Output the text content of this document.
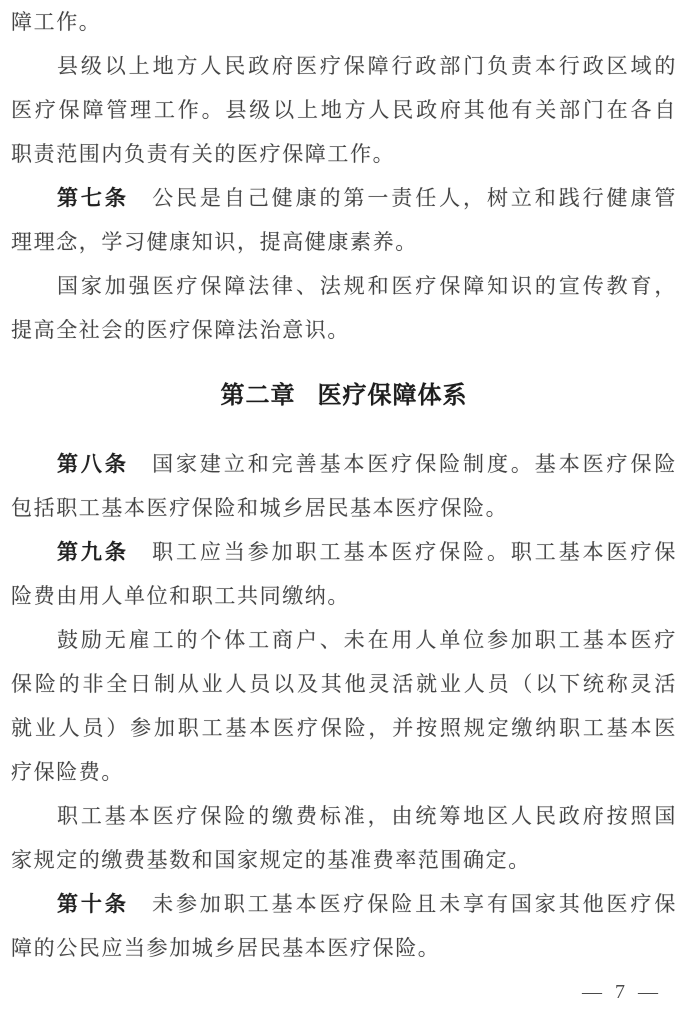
障工作。
县级以上地方人民政府医疗保障行政部门负责本行政区域的
医疗保障管理工作。县级以上地方人民政府其他有关部门在各自
职责范围内负责有关的医疗保障工作。
第七条 公民是自己健康的第一责任人，树立和践行健康管
理理念，学习健康知识，提高健康素养。
国家加强医疗保障法律、法规和医疗保障知识的宣传教育，
提高全社会的医疗保障法治意识。
第二章 医疗保障体系
第八条 国家建立和完善基本医疗保险制度。基本医疗保险
包括职工基本医疗保险和城乡居民基本医疗保险。
第九条 职工应当参加职工基本医疗保险。职工基本医疗保
险费由用人单位和职工共同缴纳。
鼓励无雇工的个体工商户、未在用人单位参加职工基本医疗
保险的非全日制从业人员以及其他灵活就业人员（以下统称灵活
就业人员）参加职工基本医疗保险，并按照规定缴纳职工基本医
疗保险费。
职工基本医疗保险的缴费标准，由统筹地区人民政府按照国
家规定的缴费基数和国家规定的基准费率范围确定。
第十条 未参加职工基本医疗保险且未享有国家其他医疗保
障的公民应当参加城乡居民基本医疗保险。
— 7 —
